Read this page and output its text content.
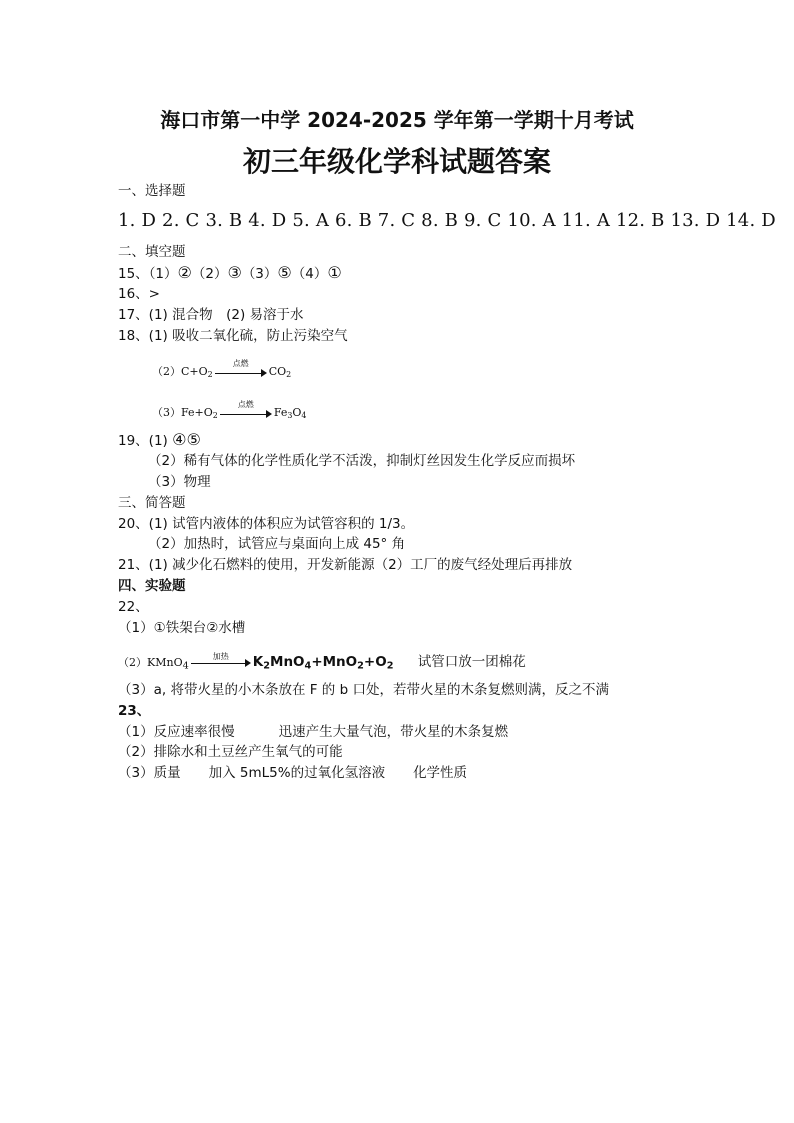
海口市第一中学 2024-2025 学年第一学期十月考试
初三年级化学科试题答案
一、选择题
1. D 2. C 3. B 4. D 5. A 6. B 7. C 8. B 9. C 10. A 11. A 12. B 13. D 14. D
二、填空题
15、（1）②（2）③（3）⑤（4）①
16、>
17、(1) 混合物　(2) 易溶于水
18、(1) 吸收二氧化硫，防止污染空气
$(2)C+O_2$
点燃
$CO_2$
$(3)Fe+O_2$
点燃
$Fe_3O_4$
19、(1) ④⑤
（2）稀有气体的化学性质化学不活泼，抑制灯丝因发生化学反应而损坏
（3）物理
三、简答题
20、(1) 试管内液体的体积应为试管容积的 1/3。
（2）加热时，试管应与桌面向上成 45° 角
21、(1) 减少化石燃料的使用，开发新能源（2）工厂的废气经处理后再排放
四、实验题
22、
（1）①铁架台②水槽
（2）KMnO$_4$
加热	$K_2MnO_4+MnO_2+O_2$ 试管口放一团棉花
（3）a, 将带火星的小木条放在 F 的 b 口处，若带火星的木条复燃则满，反之不满
23、
（1）反应速率很慢	迅速产生大量气泡，带火星的木条复燃
（2）排除水和土豆丝产生氧气的可能
（3）质量 加入 5mL5%的过氧化氢溶液 化学性质
